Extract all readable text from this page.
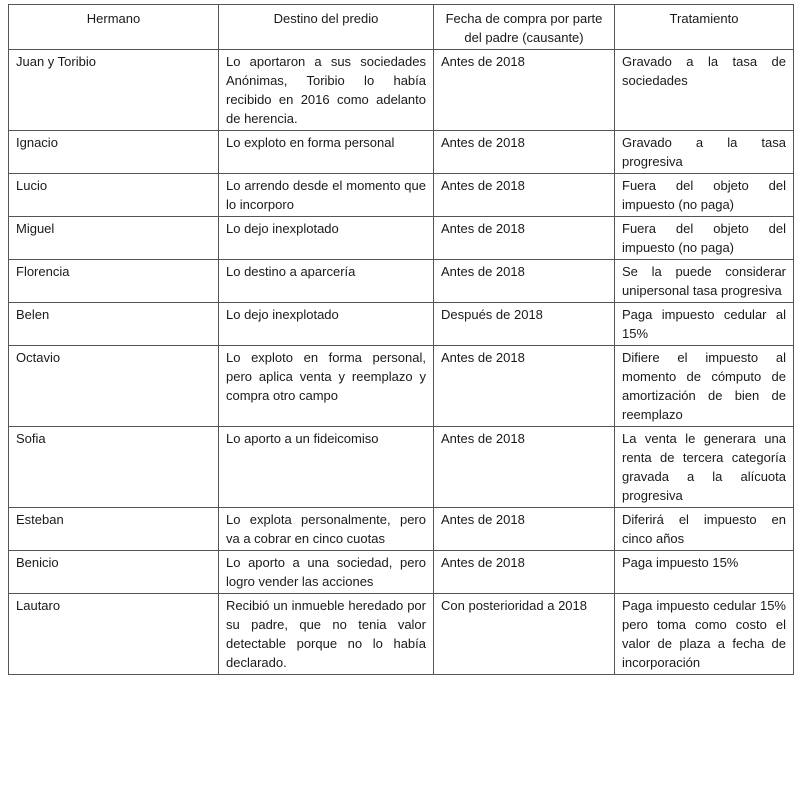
Hermano	Destino del predio	Fecha de compra por parte del padre (causante)	Tratamiento
Juan y Toribio	Lo aportaron a sus sociedades Anónimas, Toribio lo había recibido en 2016 como adelanto de herencia.	Antes de 2018	Gravado a la tasa de sociedades
Ignacio	Lo exploto en forma personal	Antes de 2018	Gravado a la tasa progresiva
Lucio	Lo arrendo desde el momento que lo incorporo	Antes de 2018	Fuera del objeto del impuesto (no paga)
Miguel	Lo dejo inexplotado	Antes de 2018	Fuera del objeto del impuesto (no paga)
Florencia	Lo destino a aparcería	Antes de 2018	Se la puede considerar unipersonal tasa progresiva
Belen	Lo dejo inexplotado	Después de 2018	Paga impuesto cedular al 15%
Octavio	Lo exploto en forma personal, pero aplica venta y reemplazo y compra otro campo	Antes de 2018	Difiere el impuesto al momento de cómputo de amortización de bien de reemplazo
Sofia	Lo aporto a un fideicomiso	Antes de 2018	La venta le generara una renta de tercera categoría gravada a la alícuota progresiva
Esteban	Lo explota personalmente, pero va a cobrar en cinco cuotas	Antes de 2018	Diferirá el impuesto en cinco años
Benicio	Lo aporto a una sociedad, pero logro vender las acciones	Antes de 2018	Paga impuesto 15%
Lautaro	Recibió un inmueble heredado por su padre, que no tenia valor detectable porque no lo había declarado.	Con posterioridad a 2018	Paga impuesto cedular 15% pero toma como costo el valor de plaza a fecha de incorporación
